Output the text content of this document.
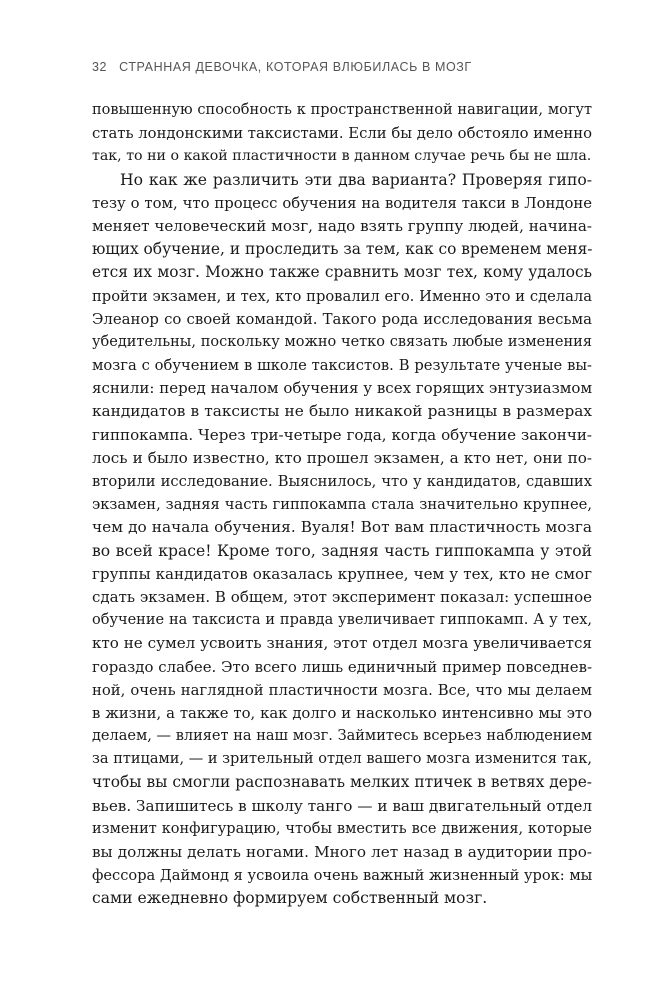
32 СТРАННАЯ ДЕВОЧКА, КОТОРАЯ ВЛЮБИЛАСЬ В МОЗГ
повышенную способность к пространственной навигации, могут
стать лондонскими таксистами. Если бы дело обстояло именно
так, то ни о какой пластичности в данном случае речь бы не шла.
Но как же различить эти два варианта? Проверяя гипо-
тезу о том, что процесс обучения на водителя такси в Лондоне
меняет человеческий мозг, надо взять группу людей, начина-
ющих обучение, и проследить за тем, как со временем меня-
ется их мозг. Можно также сравнить мозг тех, кому удалось
пройти экзамен, и тех, кто провалил его. Именно это и сделала
Элеанор со своей командой. Такого рода исследования весьма
убедительны, поскольку можно четко связать любые изменения
мозга с обучением в школе таксистов. В результате ученые вы-
яснили: перед началом обучения у всех горящих энтузиазмом
кандидатов в таксисты не было никакой разницы в размерах
гиппокампа. Через три-четыре года, когда обучение закончи-
лось и было известно, кто прошел экзамен, а кто нет, они по-
вторили исследование. Выяснилось, что у кандидатов, сдавших
экзамен, задняя часть гиппокампа стала значительно крупнее,
чем до начала обучения. Вуаля! Вот вам пластичность мозга
во всей красе! Кроме того, задняя часть гиппокампа у этой
группы кандидатов оказалась крупнее, чем у тех, кто не смог
сдать экзамен. В общем, этот эксперимент показал: успешное
обучение на таксиста и правда увеличивает гиппокамп. А у тех,
кто не сумел усвоить знания, этот отдел мозга увеличивается
гораздо слабее. Это всего лишь единичный пример повседнев-
ной, очень наглядной пластичности мозга. Все, что мы делаем
в жизни, а также то, как долго и насколько интенсивно мы это
делаем, — влияет на наш мозг. Займитесь всерьез наблюдением
за птицами, — и зрительный отдел вашего мозга изменится так,
чтобы вы смогли распознавать мелких птичек в ветвях дере-
вьев. Запишитесь в школу танго — и ваш двигательный отдел
изменит конфигурацию, чтобы вместить все движения, которые
вы должны делать ногами. Много лет назад в аудитории про-
фессора Даймонд я усвоила очень важный жизненный урок: мы
сами ежедневно формируем собственный мозг.
